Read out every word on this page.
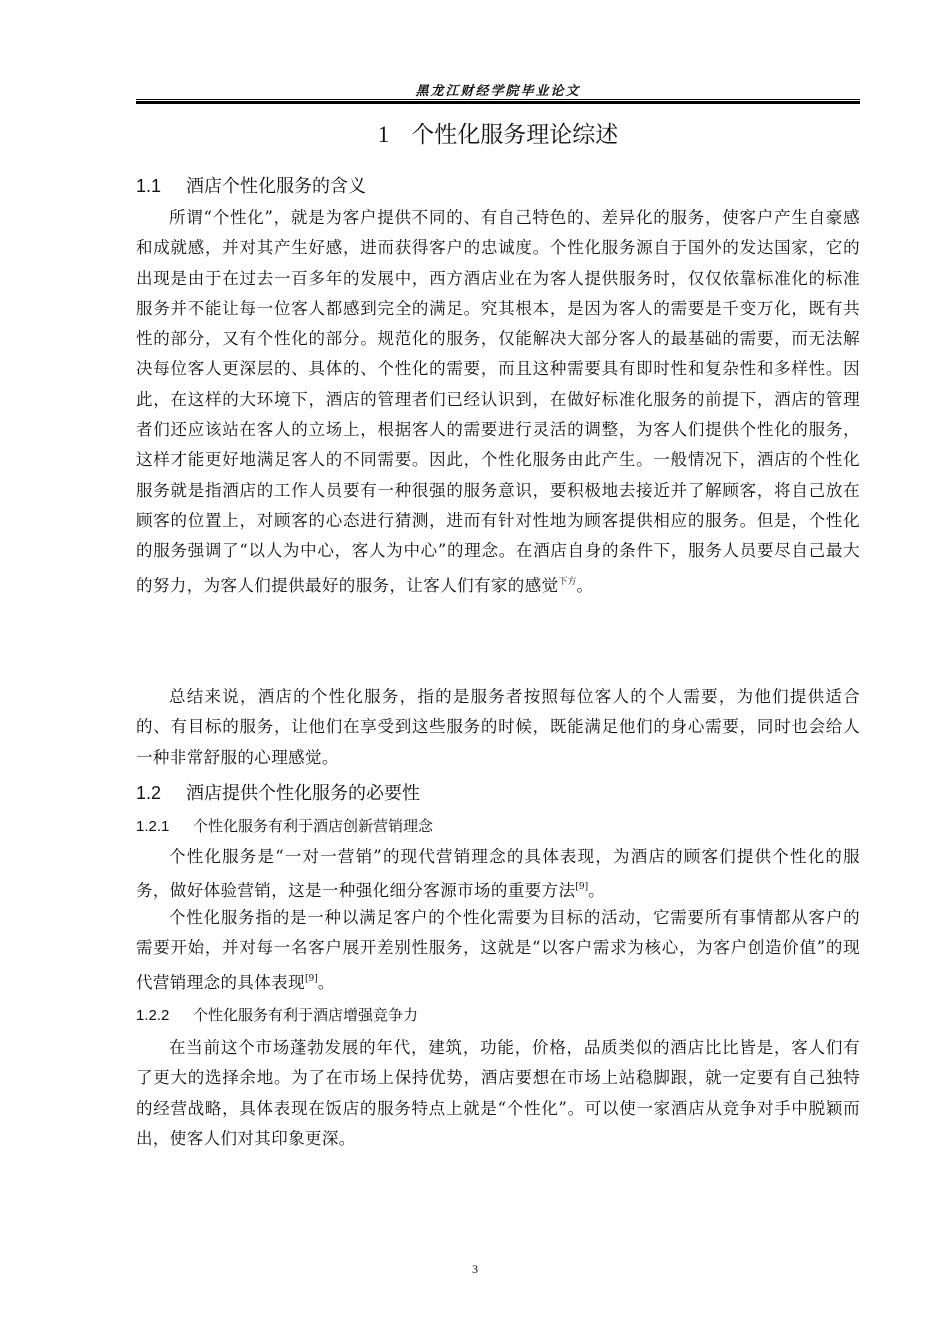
黑龙江财经学院毕业论文
1 个性化服务理论综述
1.1 酒店个性化服务的含义
所谓“个性化”，就是为客户提供不同的、有自己特色的、差异化的服务，使客户产生自豪感和成就感，并对其产生好感，进而获得客户的忠诚度。个性化服务源自于国外的发达国家，它的出现是由于在过去一百多年的发展中，西方酒店业在为客人提供服务时，仅仅依靠标准化的标准服务并不能让每一位客人都感到完全的满足。究其根本，是因为客人的需要是千变万化，既有共性的部分，又有个性化的部分。规范化的服务，仅能解决大部分客人的最基础的需要，而无法解决每位客人更深层的、具体的、个性化的需要，而且这种需要具有即时性和复杂性和多样性。因此，在这样的大环境下，酒店的管理者们已经认识到，在做好标准化服务的前提下，酒店的管理者们还应该站在客人的立场上，根据客人的需要进行灵活的调整，为客人们提供个性化的服务，这样才能更好地满足客人的不同需要。因此，个性化服务由此产生。一般情况下，酒店的个性化服务就是指酒店的工作人员要有一种很强的服务意识，要积极地去接近并了解顾客，将自己放在顾客的位置上，对顾客的心态进行猜测，进而有针对性地为顾客提供相应的服务。但是，个性化的服务强调了“以人为中心，客人为中心”的理念。在酒店自身的条件下，服务人员要尽自己最大的努力，为客人们提供最好的服务，让客人们有家的感觉$^{下方}$。
总结来说，酒店的个性化服务，指的是服务者按照每位客人的个人需要，为他们提供适合的、有目标的服务，让他们在享受到这些服务的时候，既能满足他们的身心需要，同时也会给人一种非常舒服的心理感觉。
1.2 酒店提供个性化服务的必要性
1.2.1 个性化服务有利于酒店创新营销理念
个性化服务是“一对一营销”的现代营销理念的具体表现，为酒店的顾客们提供个性化的服务，做好体验营销，这是一种强化细分客源市场的重要方法[9]。
个性化服务指的是一种以满足客户的个性化需要为目标的活动，它需要所有事情都从客户的需要开始，并对每一名客户展开差别性服务，这就是“以客户需求为核心，为客户创造价值”的现代营销理念的具体表现[9]。
1.2.2 个性化服务有利于酒店增强竞争力
在当前这个市场蓬勃发展的年代，建筑，功能，价格，品质类似的酒店比比皆是，客人们有了更大的选择余地。为了在市场上保持优势，酒店要想在市场上站稳脚跟，就一定要有自己独特的经营战略，具体表现在饭店的服务特点上就是“个性化”。可以使一家酒店从竞争对手中脱颖而出，使客人们对其印象更深。
3
